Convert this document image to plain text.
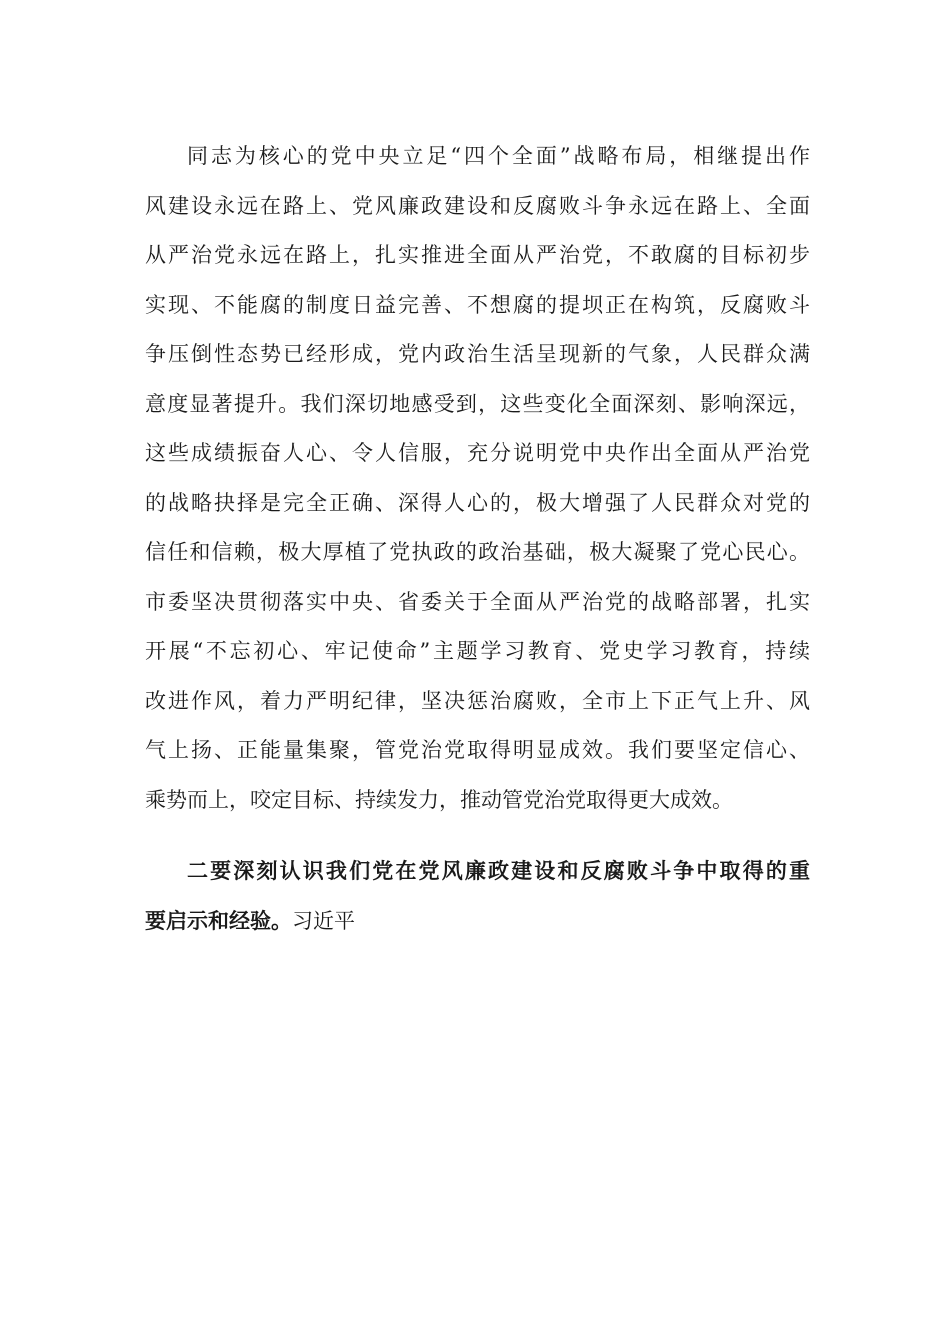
同志为核心的党中央立足“四个全面”战略布局，相继提出作
风建设永远在路上、党风廉政建设和反腐败斗争永远在路上、全面
从严治党永远在路上，扎实推进全面从严治党，不敢腐的目标初步
实现、不能腐的制度日益完善、不想腐的提坝正在构筑，反腐败斗
争压倒性态势已经形成，党内政治生活呈现新的气象，人民群众满
意度显著提升。我们深切地感受到，这些变化全面深刻、影响深远，
这些成绩振奋人心、令人信服，充分说明党中央作出全面从严治党
的战略抉择是完全正确、深得人心的，极大增强了人民群众对党的
信任和信赖，极大厚植了党执政的政治基础，极大凝聚了党心民心。
市委坚决贯彻落实中央、省委关于全面从严治党的战略部署，扎实
开展“不忘初心、牢记使命”主题学习教育、党史学习教育，持续
改进作风，着力严明纪律，坚决惩治腐败，全市上下正气上升、风
气上扬、正能量集聚，管党治党取得明显成效。我们要坚定信心、
乘势而上，咬定目标、持续发力，推动管党治党取得更大成效。
二要深刻认识我们党在党风廉政建设和反腐败斗争中取得的重
要启示和经验。习近平
